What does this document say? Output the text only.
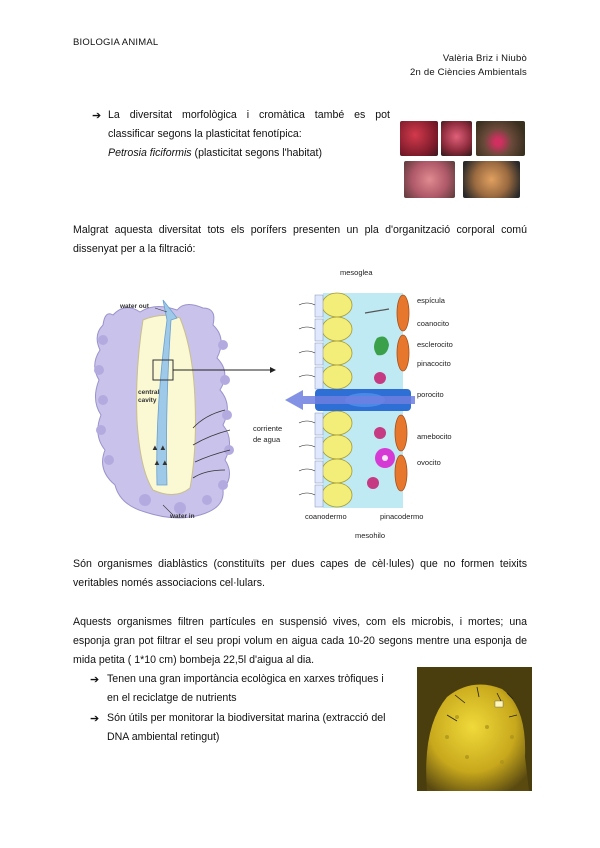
BIOLOGIA ANIMAL
Valèria Briz i Niubò
2n de Ciències Ambientals
➔ La diversitat morfològica i cromàtica també es pot
classificar segons la plasticitat fenotípica:
Petrosia ficiformis (plasticitat segons l'habitat)
Malgrat aquesta diversitat tots els porífers presenten un pla d'organització corporal comú dissenyat per a la filtració:
▲▲
▲▲
water out
central
cavity
water in
mesoglea
espícula
coanocito
esclerocito
pinacocito
porocito
corriente
de agua	amebocito
ovocito
coanodermo	pinacodermo
mesohilo
Són organismes diablàstics (constituïts per dues capes de cèl·lules) que no formen teixits veritables només associacions cel·lulars.
Aquests organismes filtren partícules en suspensió vives, com els microbis, i mortes; una esponja gran pot filtrar el seu propi volum en aigua cada 10-20 segons mentre una esponja de mida petita ( 1*10 cm) bombeja 22,5l d'aigua al dia.
➔ Tenen una gran importància ecològica en xarxes tròfiques i
en el reciclatge de nutrients
➔ Són útils per monitorar la biodiversitat marina (extracció del
DNA ambiental retingut)
